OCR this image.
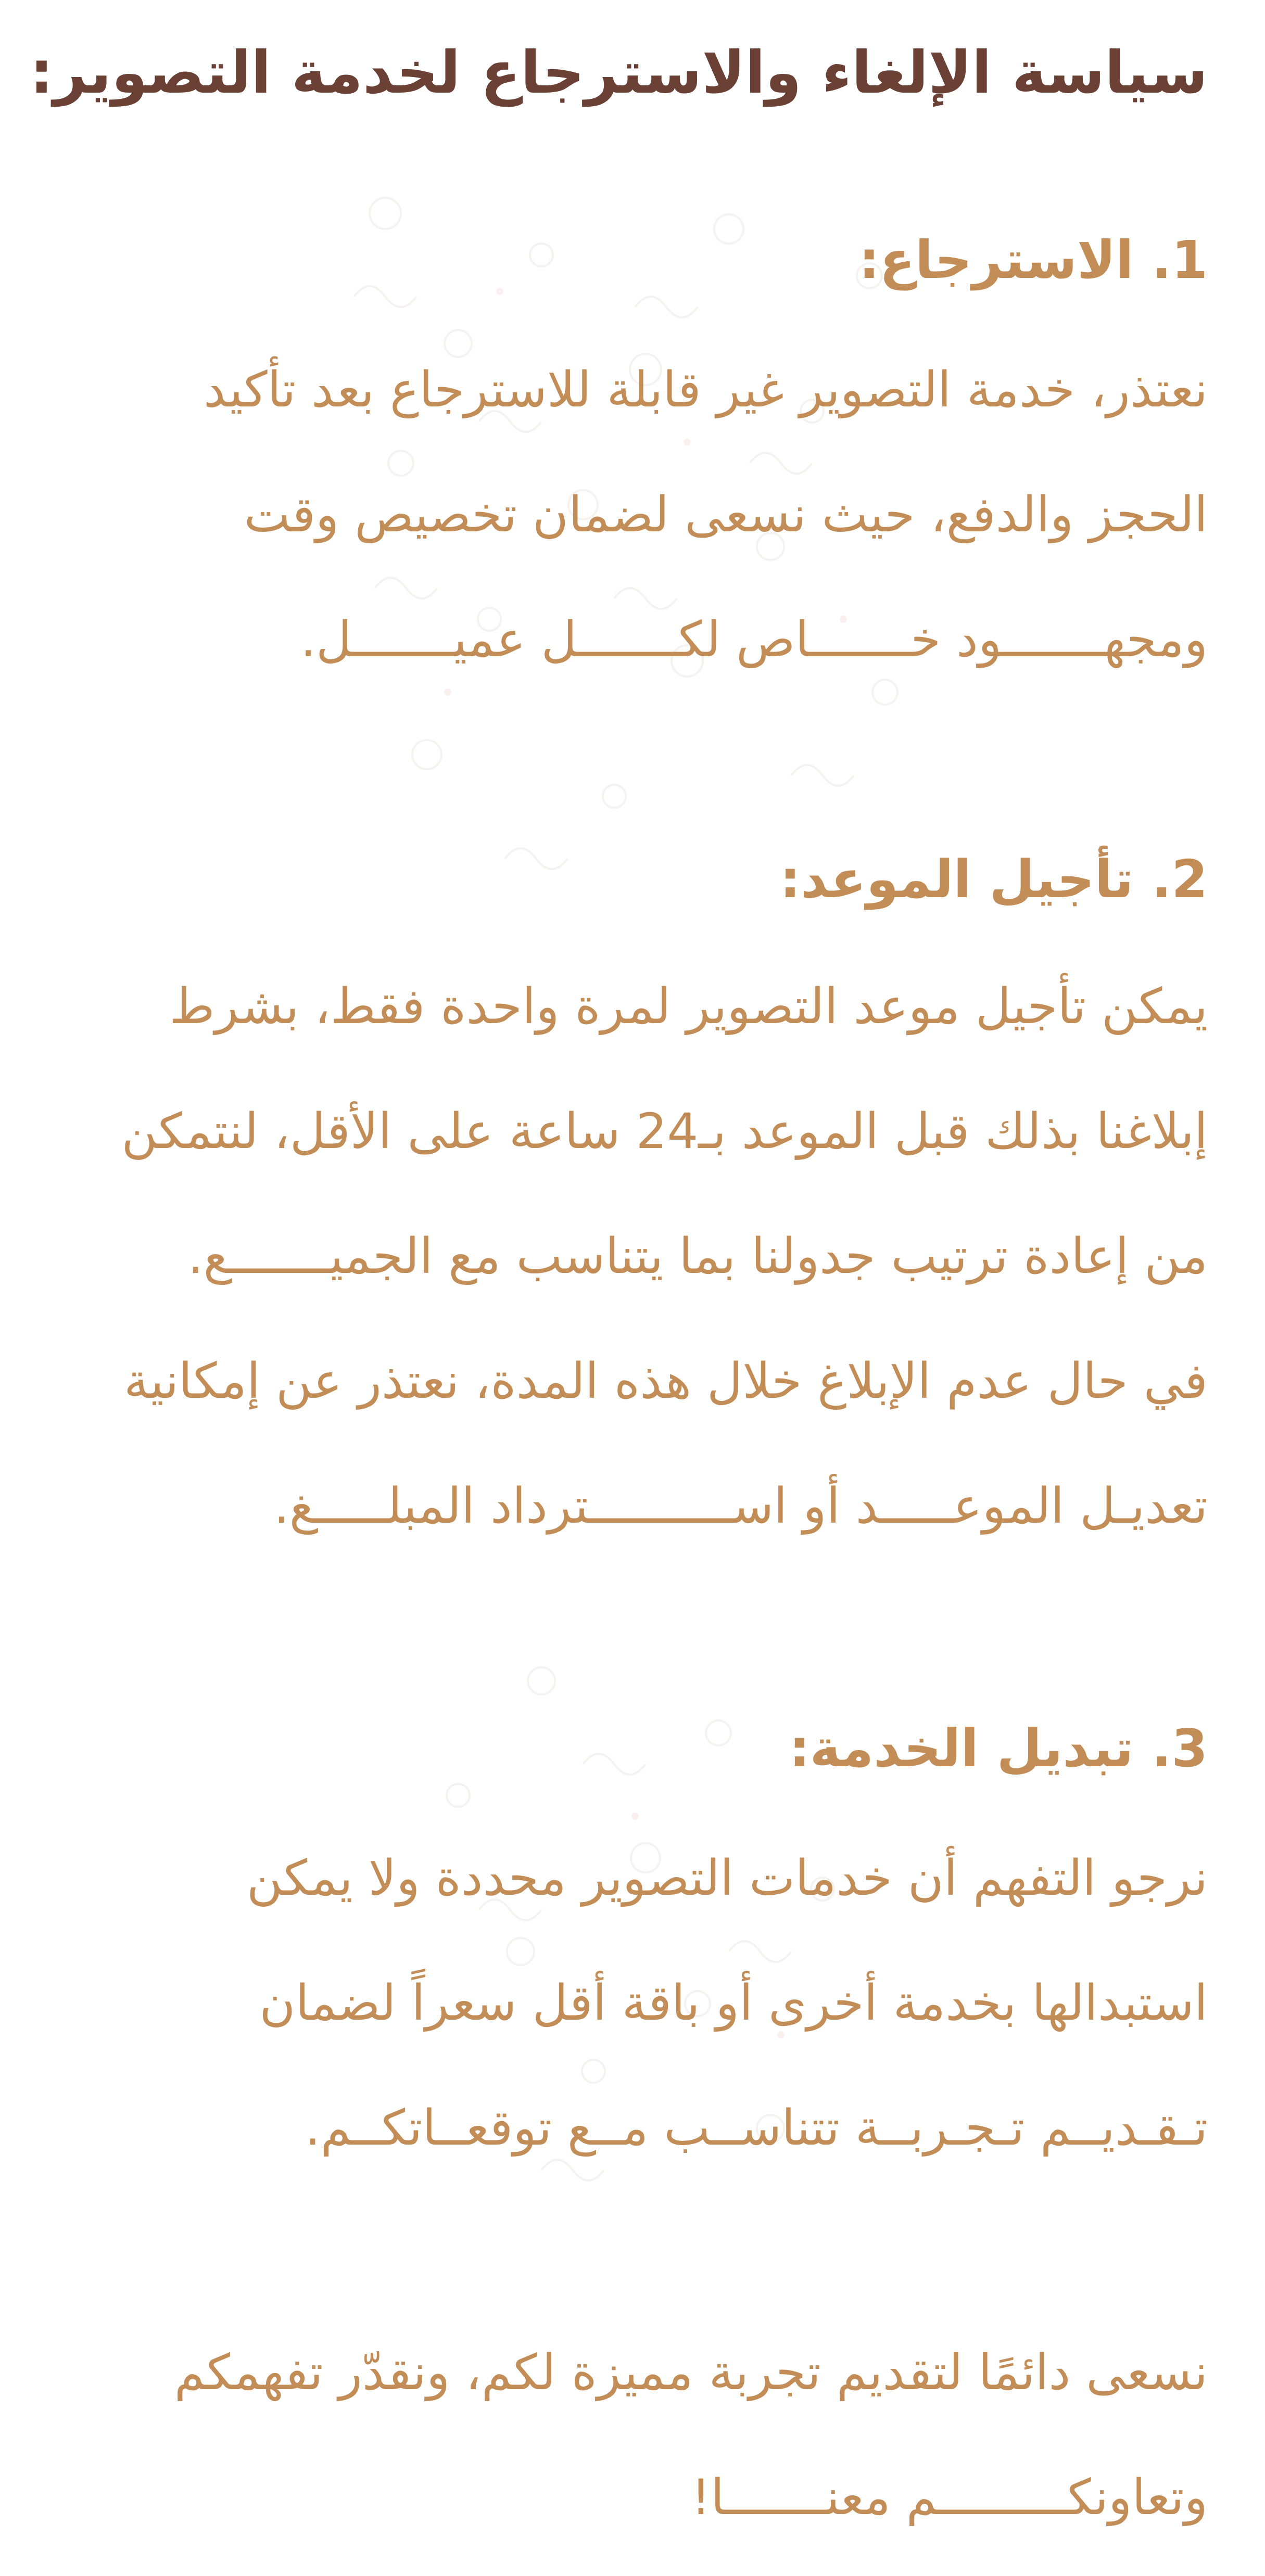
سياسة الإلغاء والاسترجاع لخدمة التصوير:
1. الاسترجاع:
نعتذر، خدمة التصوير غير قابلة للاسترجاع بعد تأكيد
الحجز والدفع، حيث نسعى لضمان تخصيص وقت
ومجهـــــــود خـــــــاص لكـــــــل عميـــــــل.
2. تأجيل الموعد:
يمكن تأجيل موعد التصوير لمرة واحدة فقط، بشرط
إبلاغنا بذلك قبل الموعد بـ24 ساعة على الأقل، لنتمكن
من إعادة ترتيب جدولنا بما يتناسب مع الجميـــــــع.
في حال عدم الإبلاغ خلال هذه المدة، نعتذر عن إمكانية
تعديـل الموعـــــد أو اســــــــــترداد المبلـــــغ.
3. تبديل الخدمة:
نرجو التفهم أن خدمات التصوير محددة ولا يمكن
استبدالها بخدمة أخرى أو باقة أقل سعراً لضمان
تـقـديــم تـجـربــة تتناســب مــع توقعــاتكــم.
نسعى دائمًا لتقديم تجربة مميزة لكم، ونقدّر تفهمكم
وتعاونكـــــــــم معنـــــــا!
